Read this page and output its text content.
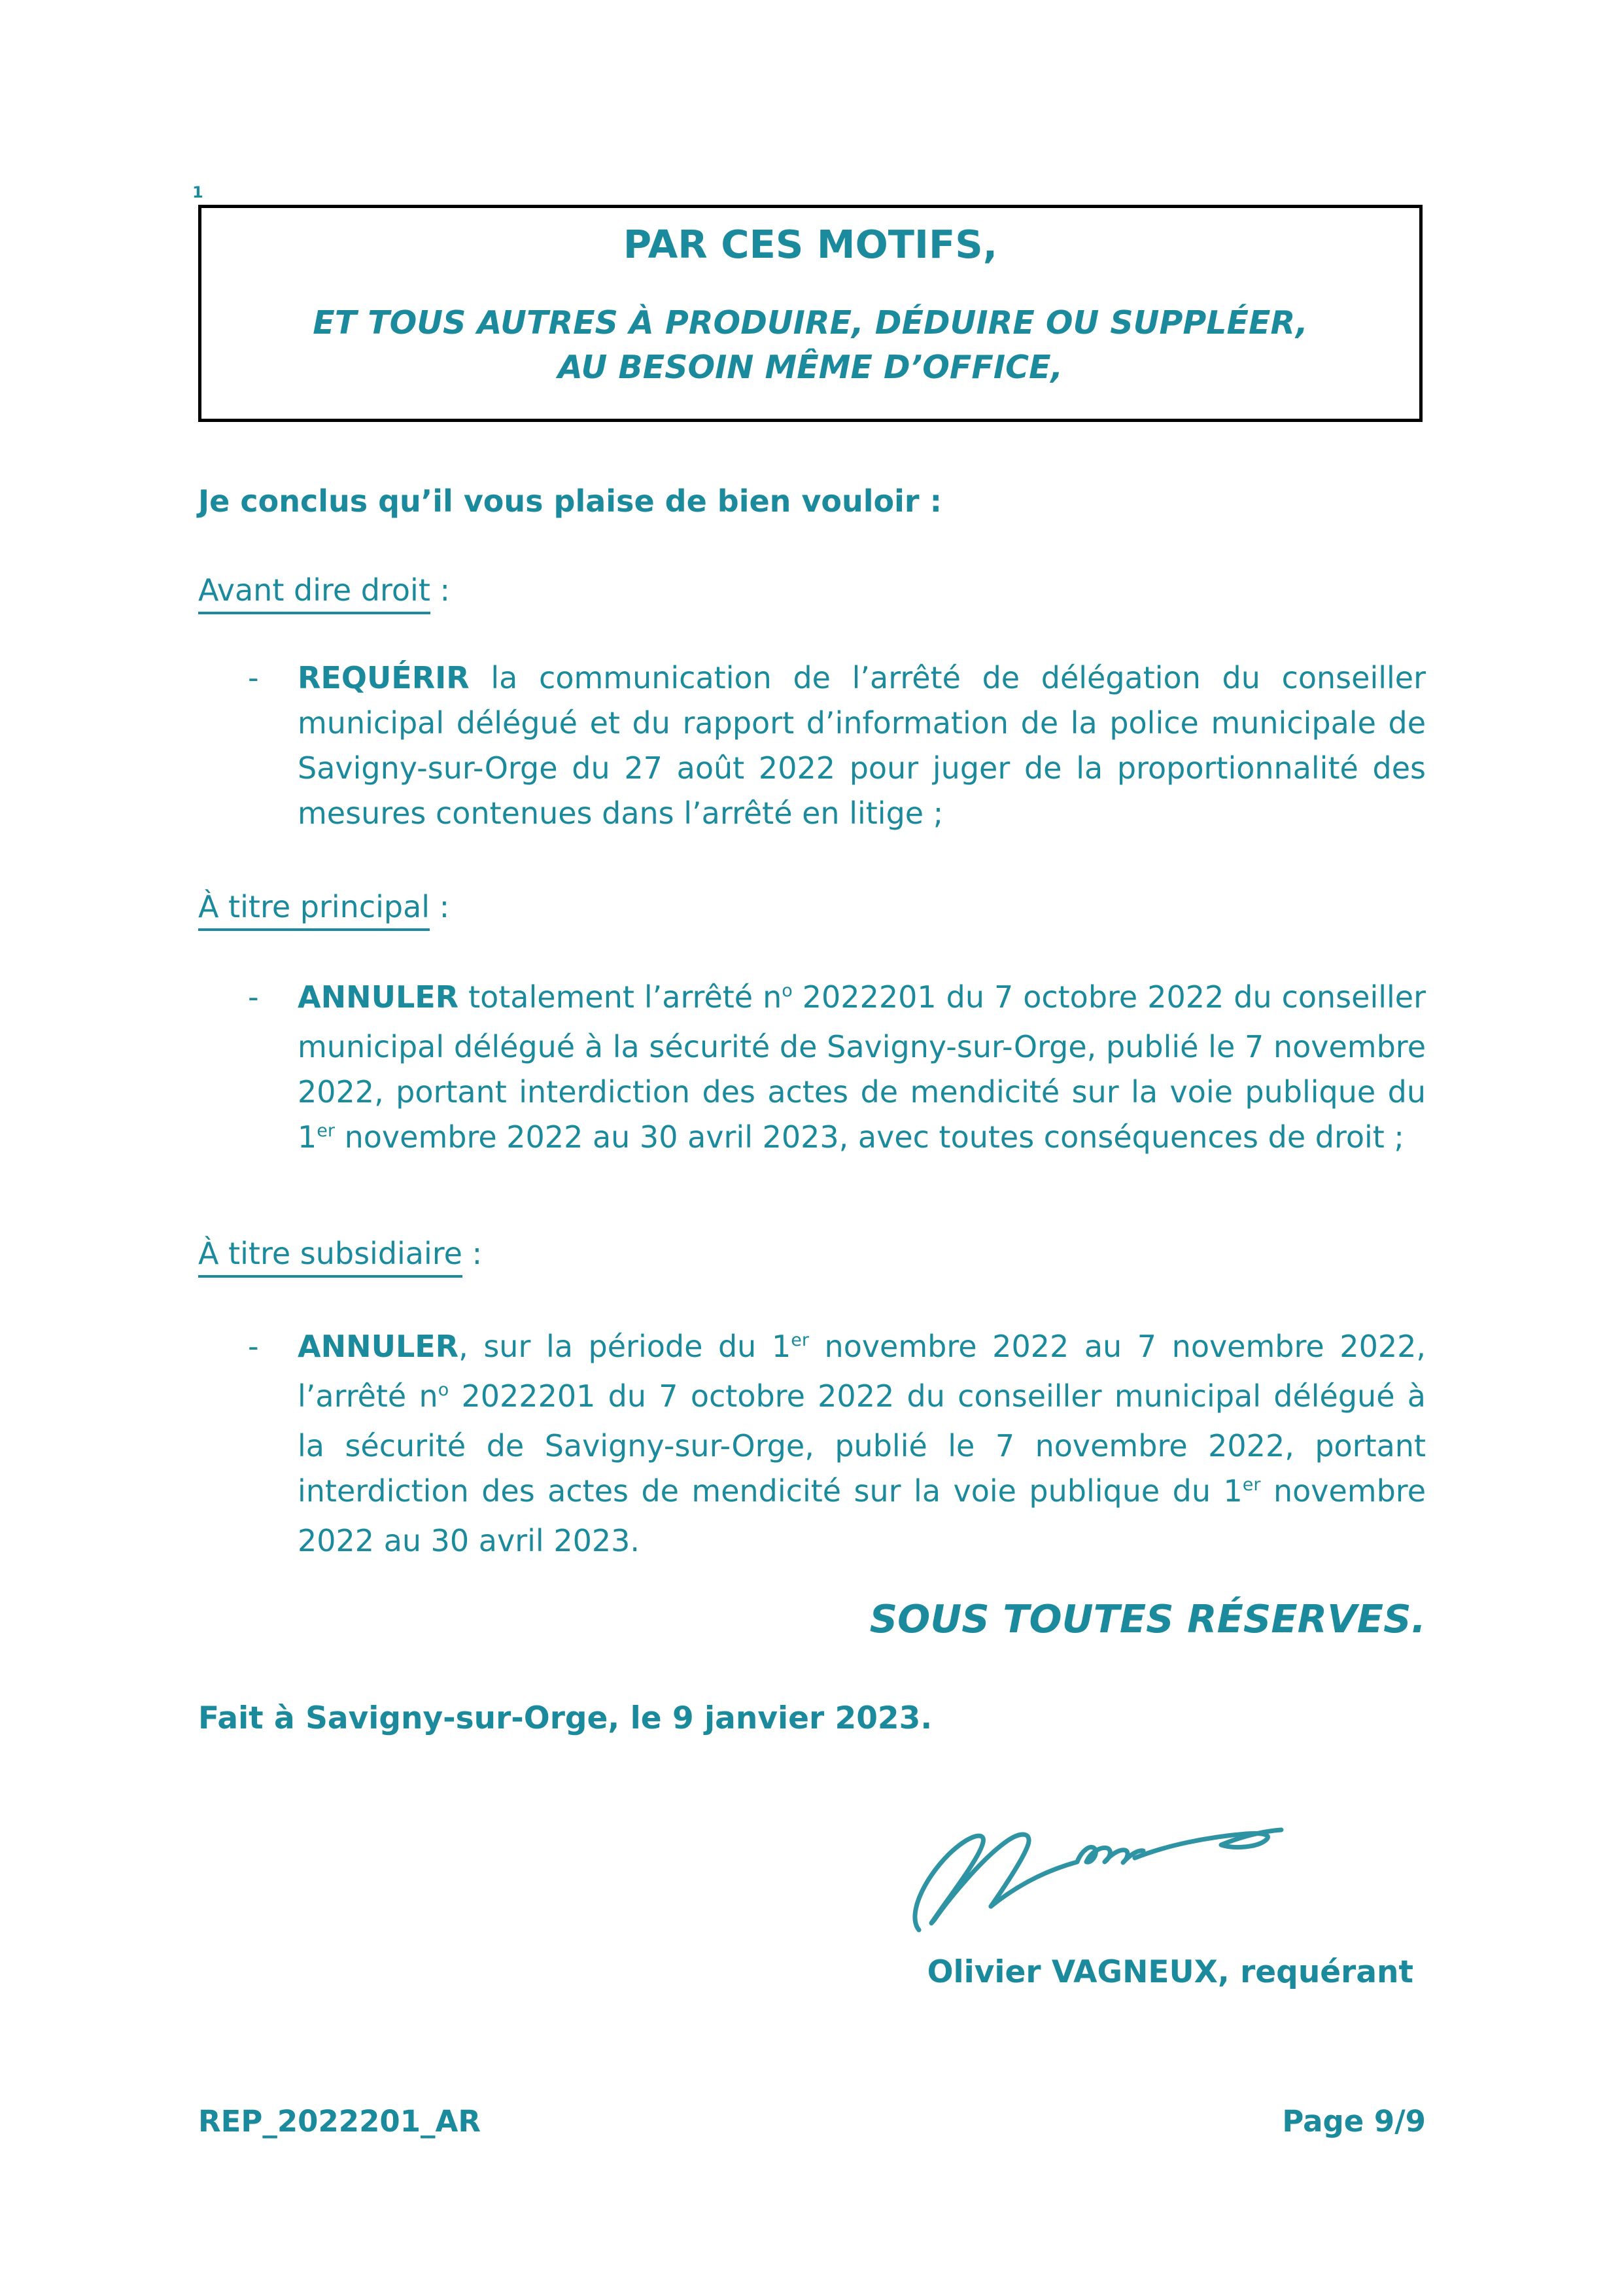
1
PAR CES MOTIFS,
ET TOUS AUTRES À PRODUIRE, DÉDUIRE OU SUPPLÉER,
AU BESOIN MÊME D’OFFICE,
Je conclus qu’il vous plaise de bien vouloir :
Avant dire droit :
- REQUÉRIR la communication de l’arrêté de délégation du conseiller municipal délégué et du rapport d’information de la police municipale de Savigny-sur-Orge du 27 août 2022 pour juger de la proportionnalité des mesures contenues dans l’arrêté en litige ;
À titre principal :
- ANNULER totalement l’arrêté $n^o$ 2022201 du 7 octobre 2022 du conseiller municipal délégué à la sécurité de Savigny-sur-Orge, publié le 7 novembre 2022, portant interdiction des actes de mendicité sur la voie publique du 1er novembre 2022 au 30 avril 2023, avec toutes conséquences de droit ;
À titre subsidiaire :
- ANNULER, sur la période du 1er novembre 2022 au 7 novembre 2022, l’arrêté $n^o$ 2022201 du 7 octobre 2022 du conseiller municipal délégué à la sécurité de Savigny-sur-Orge, publié le 7 novembre 2022, portant interdiction des actes de mendicité sur la voie publique du 1er novembre 2022 au 30 avril 2023.
SOUS TOUTES RÉSERVES.
Fait à Savigny-sur-Orge, le 9 janvier 2023.
Olivier VAGNEUX, requérant
REP_2022201_AR	Page 9/9
